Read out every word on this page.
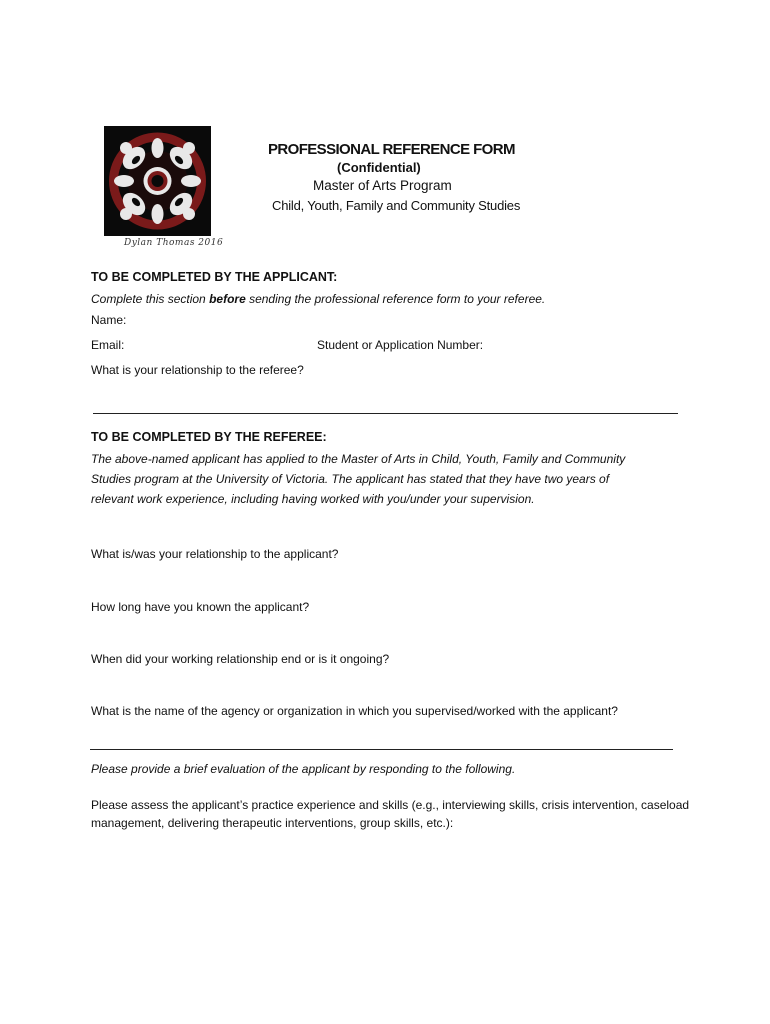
Dylan Thomas 2016
PROFESSIONAL REFERENCE FORM
(Confidential)
Master of Arts Program
Child, Youth, Family and Community Studies
TO BE COMPLETED BY THE APPLICANT:
Complete this section before sending the professional reference form to your referee.
Name:
Email:	Student or Application Number:
What is your relationship to the referee?
TO BE COMPLETED BY THE REFEREE:
The above-named applicant has applied to the Master of Arts in Child, Youth, Family and Community Studies program at the University of Victoria. The applicant has stated that they have two years of relevant work experience, including having worked with you/under your supervision.
What is/was your relationship to the applicant?
How long have you known the applicant?
When did your working relationship end or is it ongoing?
What is the name of the agency or organization in which you supervised/worked with the applicant?
Please provide a brief evaluation of the applicant by responding to the following.
Please assess the applicant’s practice experience and skills (e.g., interviewing skills, crisis intervention, caseload management, delivering therapeutic interventions, group skills, etc.):
